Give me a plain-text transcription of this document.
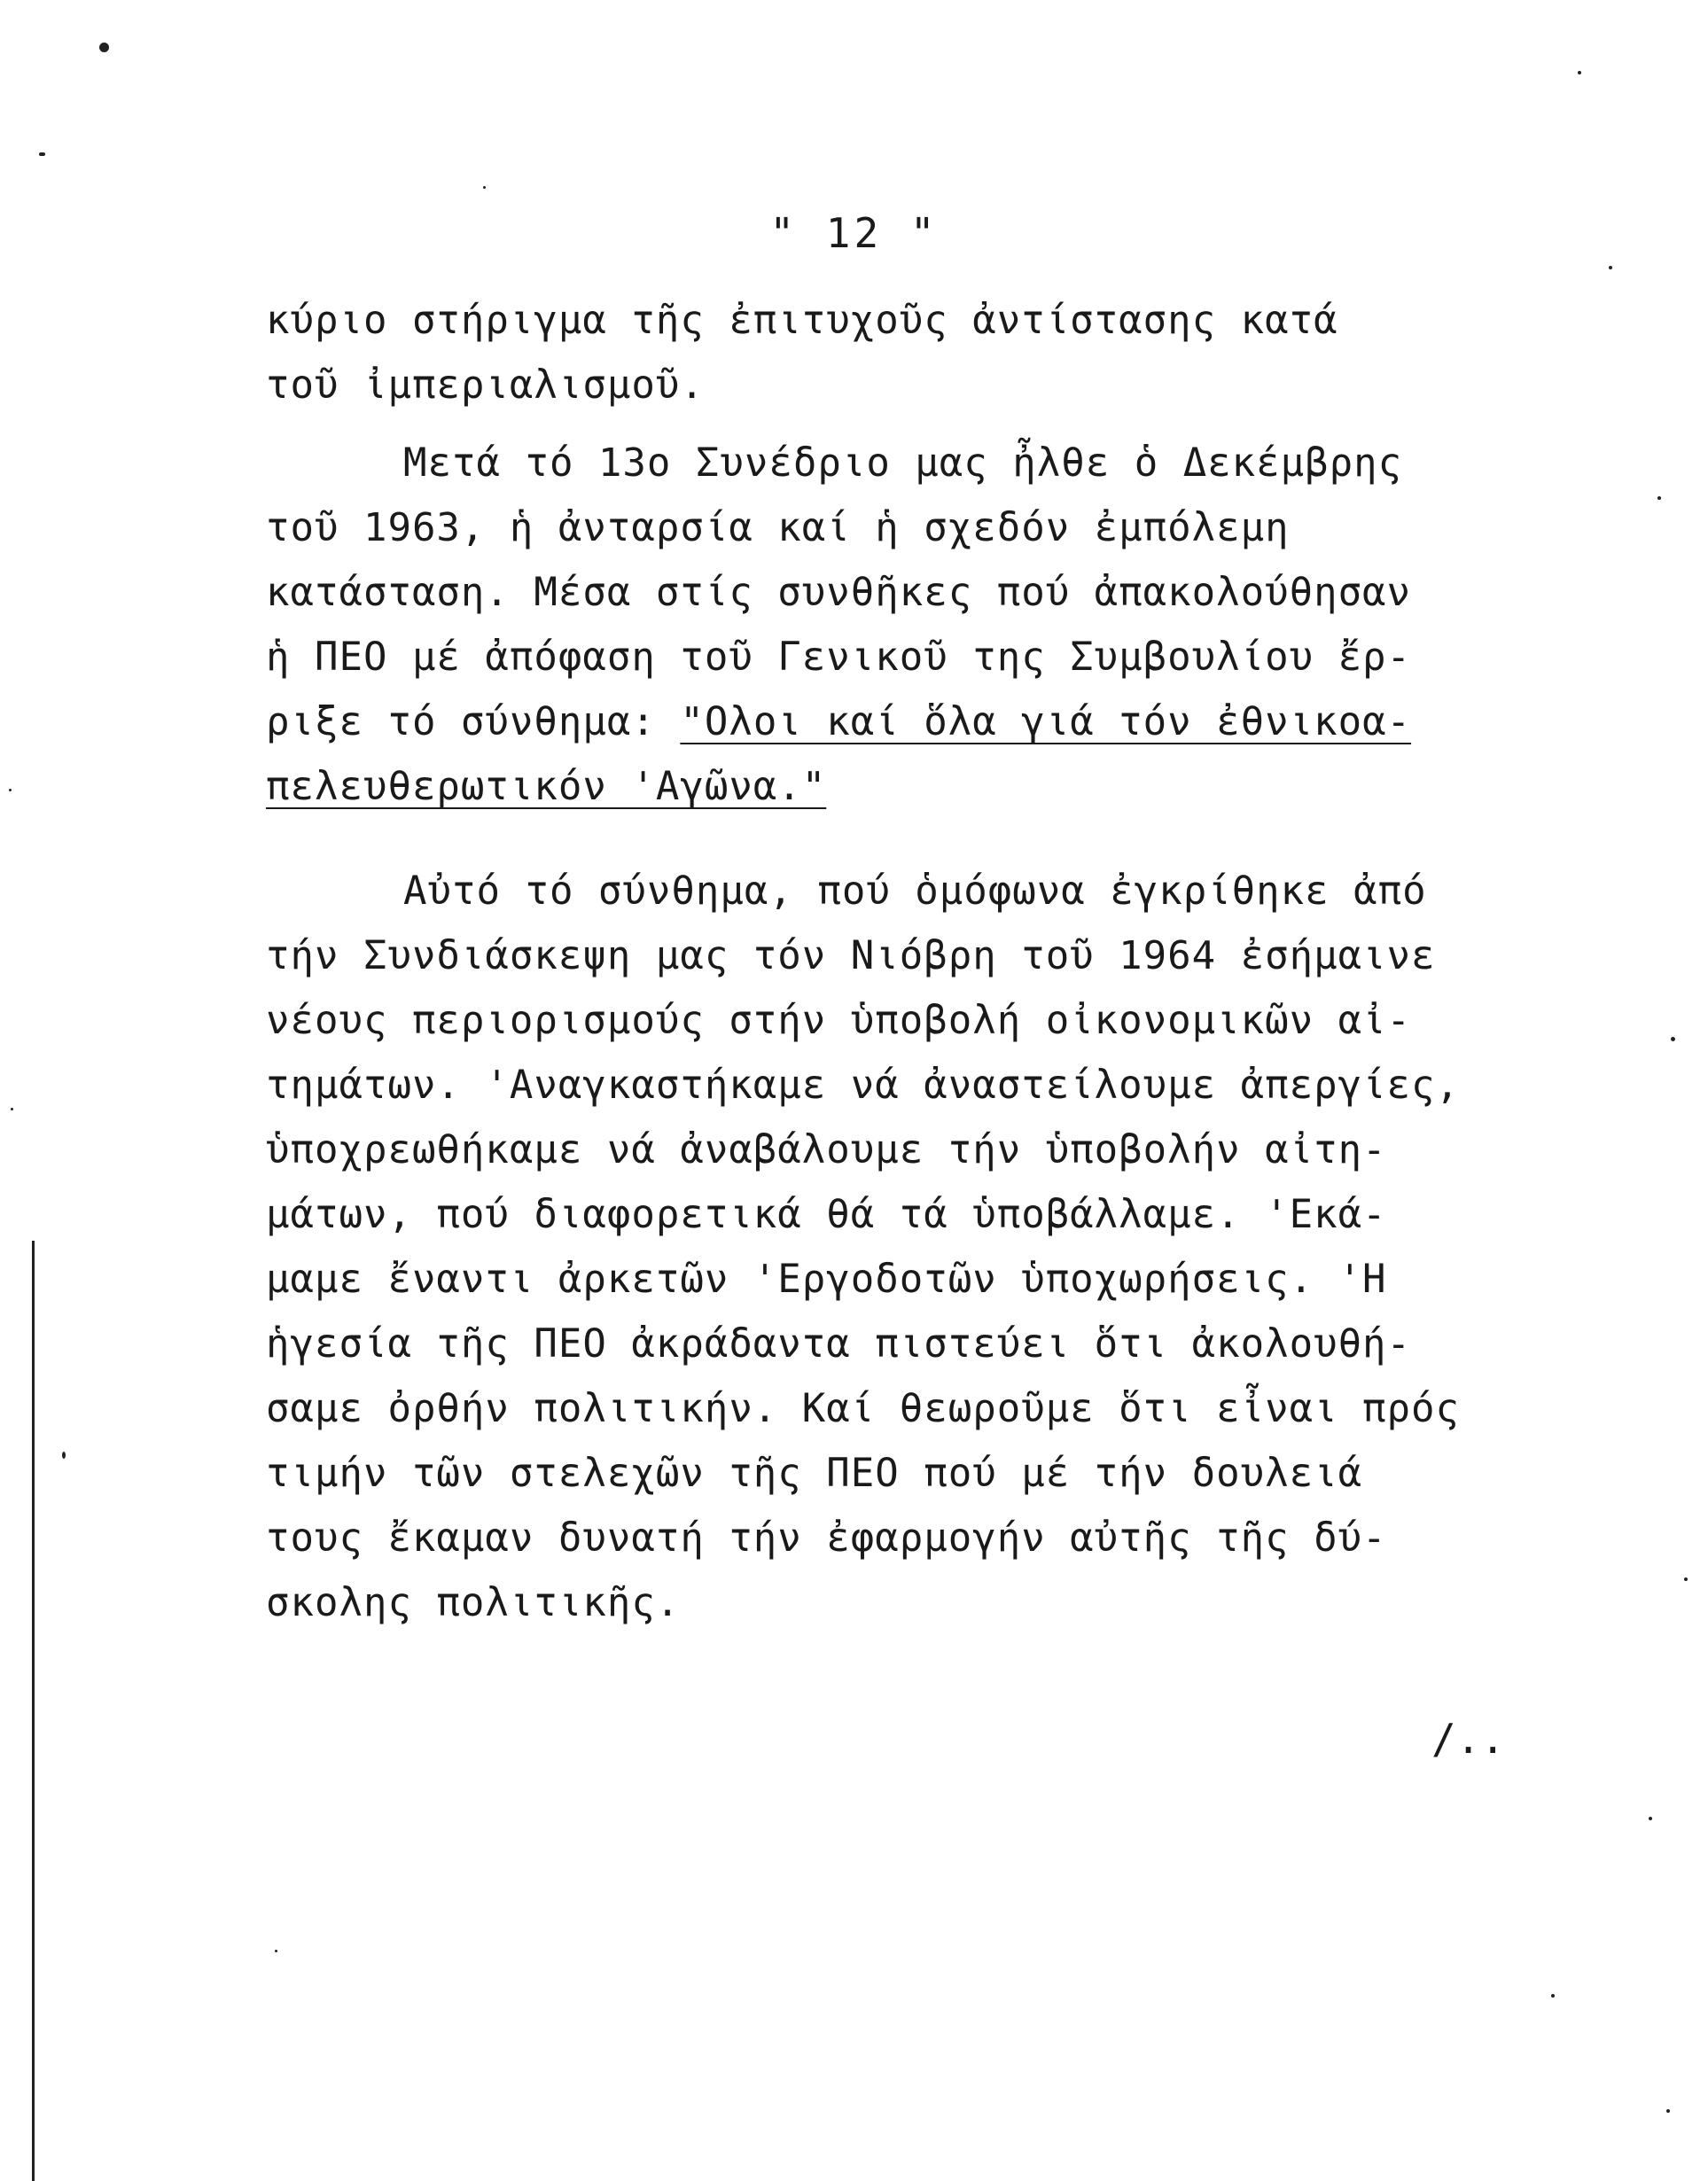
" 12 "
κύριο στήριγμα τῆς ἐπιτυχοῦς ἀντίστασης κατά
τοῦ ἰμπεριαλισμοῦ.
Μετά τό 13ο Συνέδριο μας ἦλθε ὁ Δεκέμβρης
τοῦ 1963, ἡ ἀνταρσία καί ἡ σχεδόν ἐμπόλεμη
κατάσταση. Μέσα στίς συνθῆκες πού ἀπακολούθησαν
ἡ ΠΕΟ μέ ἀπόφαση τοῦ Γενικοῦ της Συμβουλίου ἔρ-
ριξε τό σύνθημα: "Ολοι καί ὅλα γιά τόν ἐθνικοα-
πελευθερωτικόν 'Αγῶνα."
Αὐτό τό σύνθημα, πού ὁμόφωνα ἐγκρίθηκε ἀπό
τήν Συνδιάσκεψη μας τόν Νιόβρη τοῦ 1964 ἐσήμαινε
νέους περιορισμούς στήν ὑποβολή οἰκονομικῶν αἰ-
τημάτων. 'Αναγκαστήκαμε νά ἀναστείλουμε ἀπεργίες,
ὑποχρεωθήκαμε νά ἀναβάλουμε τήν ὑποβολήν αἰτη-
μάτων, πού διαφορετικά θά τά ὑποβάλλαμε. 'Εκά-
μαμε ἔναντι ἀρκετῶν 'Εργοδοτῶν ὑποχωρήσεις. 'Η
ἡγεσία τῆς ΠΕΟ ἀκράδαντα πιστεύει ὅτι ἀκολουθή-
σαμε ὀρθήν πολιτικήν. Καί θεωροῦμε ὅτι εἶναι πρός
τιμήν τῶν στελεχῶν τῆς ΠΕΟ πού μέ τήν δουλειά
τους ἔκαμαν δυνατή τήν ἐφαρμογήν αὐτῆς τῆς δύ-
σκολης πολιτικῆς.
/..
